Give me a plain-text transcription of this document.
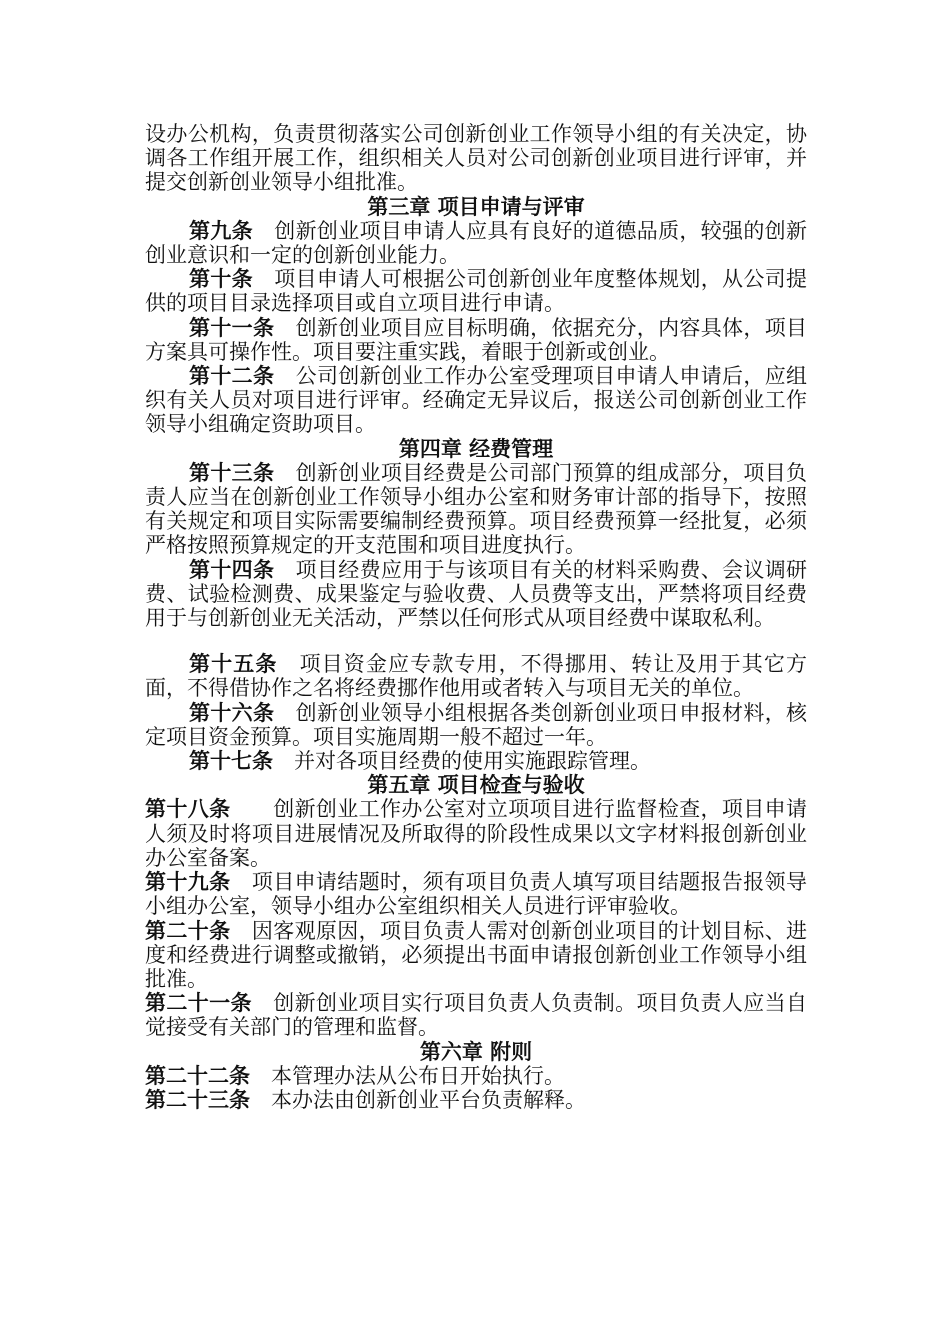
设办公机构，负责贯彻落实公司创新创业工作领导小组的有关决定，协调各工作组开展工作，组织相关人员对公司创新创业项目进行评审，并提交创新创业领导小组批准。

第三章 项目申请与评审

第九条　创新创业项目申请人应具有良好的道德品质，较强的创新创业意识和一定的创新创业能力。

第十条　项目申请人可根据公司创新创业年度整体规划，从公司提供的项目目录选择项目或自立项目进行申请。

第十一条　创新创业项目应目标明确，依据充分，内容具体，项目方案具可操作性。项目要注重实践，着眼于创新或创业。

第十二条　公司创新创业工作办公室受理项目申请人申请后，应组织有关人员对项目进行评审。经确定无异议后，报送公司创新创业工作领导小组确定资助项目。

第四章 经费管理

第十三条　创新创业项目经费是公司部门预算的组成部分，项目负责人应当在创新创业工作领导小组办公室和财务审计部的指导下，按照有关规定和项目实际需要编制经费预算。项目经费预算一经批复，必须严格按照预算规定的开支范围和项目进度执行。

第十四条　项目经费应用于与该项目有关的材料采购费、会议调研费、试验检测费、成果鉴定与验收费、人员费等支出，严禁将项目经费用于与创新创业无关活动，严禁以任何形式从项目经费中谋取私利。

第十五条　项目资金应专款专用，不得挪用、转让及用于其它方面，不得借协作之名将经费挪作他用或者转入与项目无关的单位。

第十六条　创新创业领导小组根据各类创新创业项日申报材料，核定项目资金预算。项目实施周期一般不超过一年。

第十七条　并对各项目经费的使用实施跟踪管理。

第五章 项目检查与验收

第十八条　　创新创业工作办公室对立项项目进行监督检查，项目申请人须及时将项目进展情况及所取得的阶段性成果以文字材料报创新创业办公室备案。

第十九条　项目申请结题时，须有项目负责人填写项目结题报告报领导小组办公室，领导小组办公室组织相关人员进行评审验收。

第二十条　因客观原因，项目负责人需对创新创业项目的计划目标、进度和经费进行调整或撤销，必须提出书面申请报创新创业工作领导小组批准。

第二十一条　创新创业项目实行项目负责人负责制。项目负责人应当自觉接受有关部门的管理和监督。

第六章 附则

第二十二条　本管理办法从公布日开始执行。

第二十三条　本办法由创新创业平台负责解释。
